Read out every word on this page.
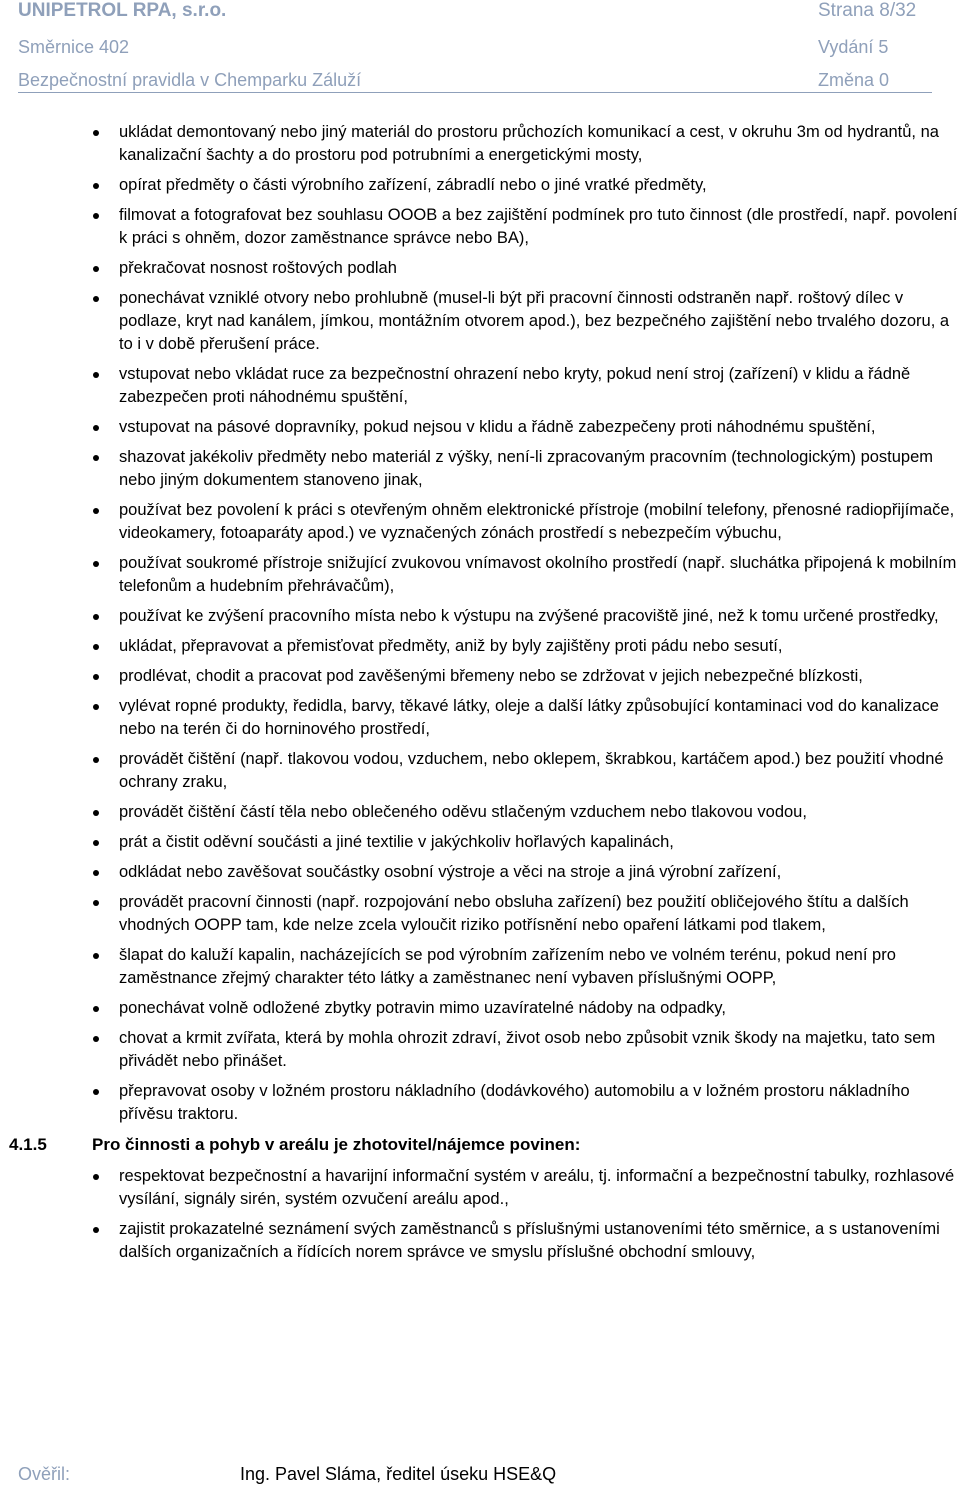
UNIPETROL RPA, s.r.o.	Strana 8/32
Směrnice 402	Vydání 5
Bezpečnostní pravidla v Chemparku Záluží	Změna 0
ukládat demontovaný nebo jiný materiál do prostoru průchozích komunikací a cest, v okruhu 3m od hydrantů, na kanalizační šachty a do prostoru pod potrubními a energetickými mosty,
opírat předměty o části výrobního zařízení, zábradlí nebo o jiné vratké předměty,
filmovat a fotografovat bez souhlasu OOOB a bez zajištění podmínek pro tuto činnost (dle prostředí, např. povolení k práci s ohněm, dozor zaměstnance správce nebo BA),
překračovat nosnost roštových podlah
ponechávat vzniklé otvory nebo prohlubně (musel-li být při pracovní činnosti odstraněn např. roštový dílec v podlaze, kryt nad kanálem, jímkou, montážním otvorem apod.), bez bezpečného zajištění nebo trvalého dozoru, a to i v době přerušení práce.
vstupovat nebo vkládat ruce za bezpečnostní ohrazení nebo kryty, pokud není stroj (zařízení) v klidu a řádně zabezpečen proti náhodnému spuštění,
vstupovat na pásové dopravníky, pokud nejsou v klidu a řádně zabezpečeny proti náhodnému spuštění,
shazovat jakékoliv předměty nebo materiál z výšky, není-li zpracovaným pracovním (technologickým) postupem nebo jiným dokumentem stanoveno jinak,
používat bez povolení k práci s otevřeným ohněm elektronické přístroje (mobilní telefony, přenosné radiopřijímače, videokamery, fotoaparáty apod.) ve vyznačených zónách prostředí s nebezpečím výbuchu,
používat soukromé přístroje snižující zvukovou vnímavost okolního prostředí (např. sluchátka připojená k mobilním telefonům a hudebním přehrávačům),
používat ke zvýšení pracovního místa nebo k výstupu na zvýšené pracoviště jiné, než k tomu určené prostředky,
ukládat, přepravovat a přemisťovat předměty, aniž by byly zajištěny proti pádu nebo sesutí,
prodlévat, chodit a pracovat pod zavěšenými břemeny nebo se zdržovat v jejich nebezpečné blízkosti,
vylévat ropné produkty, ředidla, barvy, těkavé látky, oleje a další látky způsobující kontaminaci vod do kanalizace nebo na terén či do horninového prostředí,
provádět čištění (např. tlakovou vodou, vzduchem, nebo oklepem, škrabkou, kartáčem apod.) bez použití vhodné ochrany zraku,
provádět čištění částí těla nebo oblečeného oděvu stlačeným vzduchem nebo tlakovou vodou,
prát a čistit oděvní součásti a jiné textilie v jakýchkoliv hořlavých kapalinách,
odkládat nebo zavěšovat součástky osobní výstroje a věci na stroje a jiná výrobní zařízení,
provádět pracovní činnosti (např. rozpojování nebo obsluha zařízení) bez použití obličejového štítu a dalších vhodných OOPP tam, kde nelze zcela vyloučit riziko potřísnění nebo opaření látkami pod tlakem,
šlapat do kaluží kapalin, nacházejících se pod výrobním zařízením nebo ve volném terénu, pokud není pro zaměstnance zřejmý charakter této látky a zaměstnanec není vybaven příslušnými OOPP,
ponechávat volně odložené zbytky potravin mimo uzavíratelné nádoby na odpadky,
chovat a krmit zvířata, která by mohla ohrozit zdraví, život osob nebo způsobit vznik škody na majetku, tato sem přivádět nebo přinášet.
přepravovat osoby v ložném prostoru nákladního (dodávkového) automobilu a v ložném prostoru nákladního přívěsu traktoru.
4.1.5	Pro činnosti a pohyb v areálu je zhotovitel/nájemce povinen:
respektovat bezpečnostní a havarijní informační systém v areálu, tj. informační a bezpečnostní tabulky, rozhlasové vysílání, signály sirén, systém ozvučení areálu apod.,
zajistit prokazatelné seznámení svých zaměstnanců s příslušnými ustanoveními této směrnice, a s ustanoveními dalších organizačních a řídících norem správce ve smyslu příslušné obchodní smlouvy,
Ověřil:	Ing. Pavel Sláma, ředitel úseku HSE&Q
